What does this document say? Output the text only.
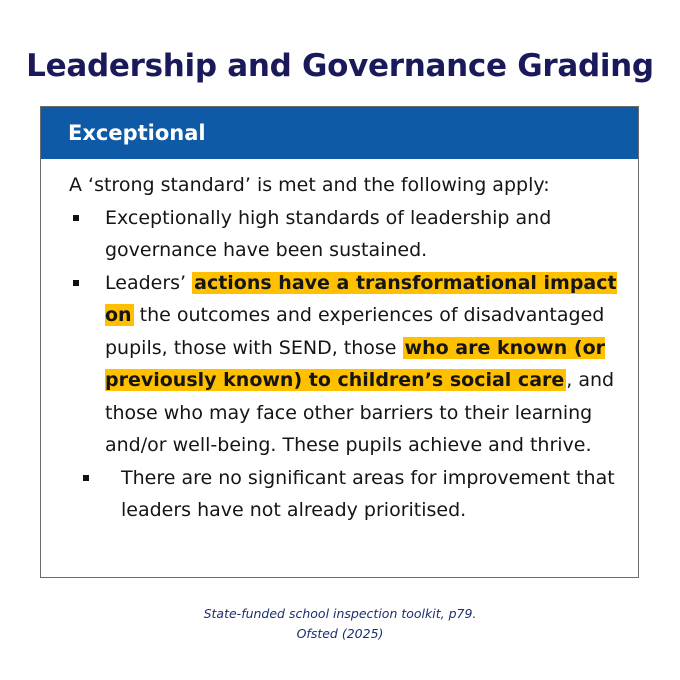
Leadership and Governance Grading
Exceptional

A ‘strong standard’ is met and the following apply:

Exceptionally high standards of leadership and governance have been sustained.
Leaders’ actions have a transformational impact on the outcomes and experiences of disadvantaged pupils, those with SEND, those who are known (or previously known) to children’s social care , and those who may face other barriers to their learning and/or well-being. These pupils achieve and thrive.
There are no significant areas for improvement that leaders have not already prioritised.
State-funded school inspection toolkit, p79.
Ofsted (2025)
